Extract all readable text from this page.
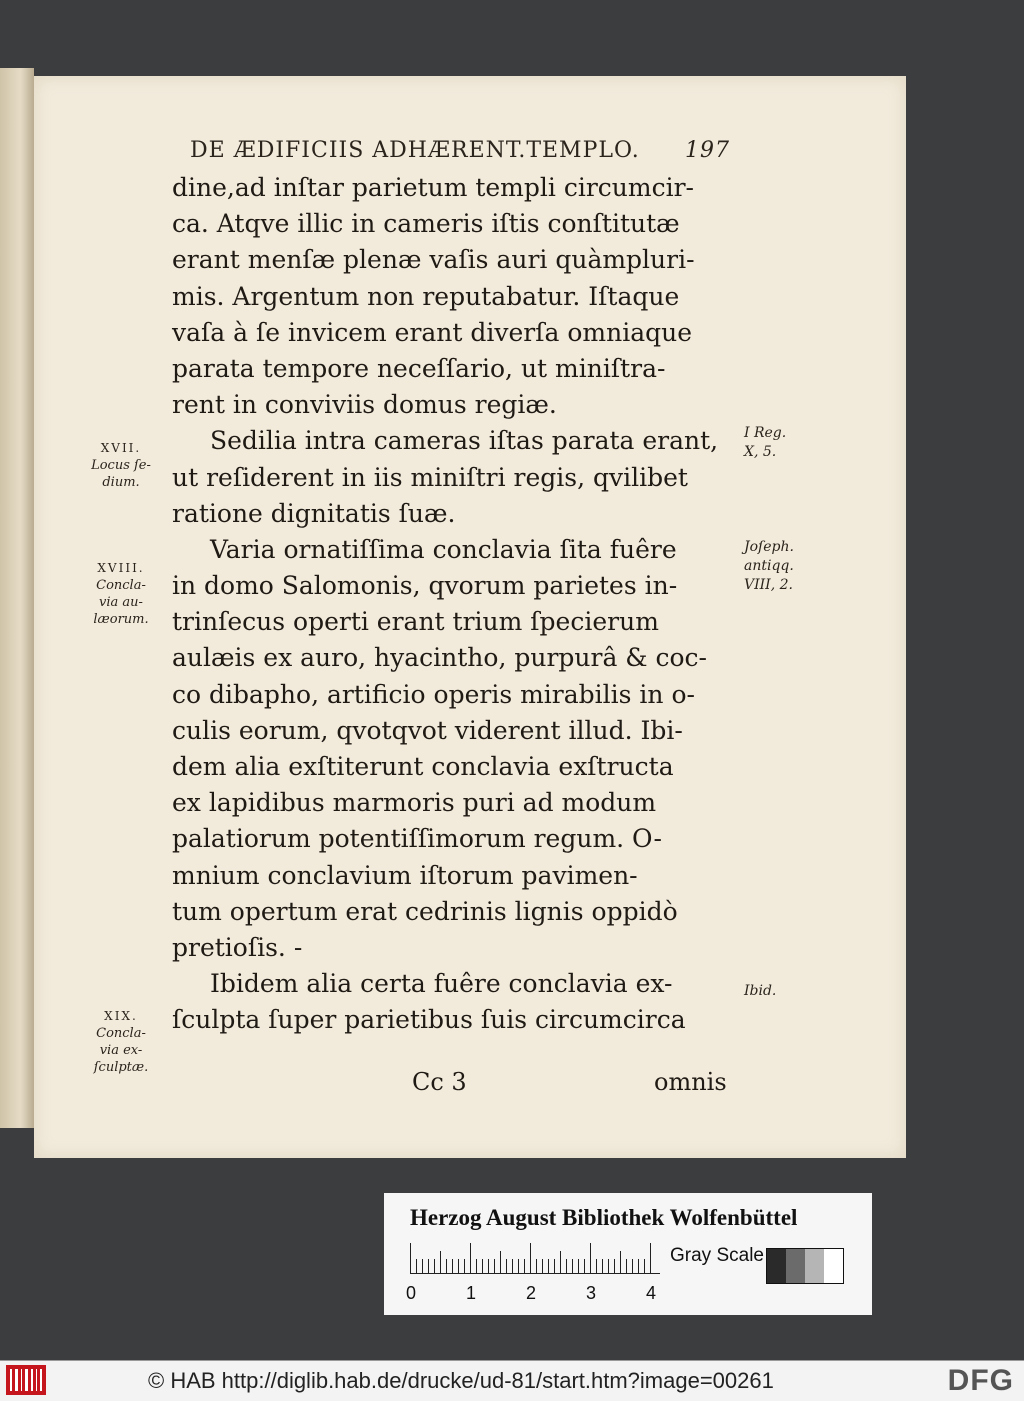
DE ÆDIFICIIS ADHÆRENT.TEMPLO. 197
dine,ad inſtar parietum templi circumcir-
ca. Atqve illic in cameris iſtis conſtitutæ
erant menſæ plenæ vaſis auri quàmpluri-
mis. Argentum non reputabatur. Iſtaque
vaſa à ſe invicem erant diverſa omniaque
parata tempore neceſſario, ut miniſtra-
rent in conviviis domus regiæ.
Sedilia intra cameras iſtas parata erant,
ut reſiderent in iis miniſtri regis, qvilibet
ratione dignitatis ſuæ.
Varia ornatiſſima conclavia ſita fuêre
in domo Salomonis, qvorum parietes in-
trinſecus operti erant trium ſpecierum
aulæis ex auro, hyacintho, purpurâ & coc-
co dibapho, artificio operis mirabilis in o-
culis eorum, qvotqvot viderent illud. Ibi-
dem alia exſtiterunt conclavia exſtructa
ex lapidibus marmoris puri ad modum
palatiorum potentiſſimorum regum. O-
mnium conclavium iſtorum pavimen-
tum opertum erat cedrinis lignis oppidò
pretioſis. -
Ibidem alia certa fuêre conclavia ex-
ſculpta ſuper parietibus ſuis circumcirca
Cc 3	omnis
XVII.
Locus ſe-
dium.
XVIII.
Concla-
via au-
læorum.
XIX.
Concla-
via ex-
ſculptæ.
I Reg.
X, 5.
Joſeph.
antiqq.
VIII, 2.
Ibid.
Herzog August Bibliothek Wolfenbüttel
0	1	2	3	4
Gray Scale
© HAB http://diglib.hab.de/drucke/ud-81/start.htm?image=00261	DFG
